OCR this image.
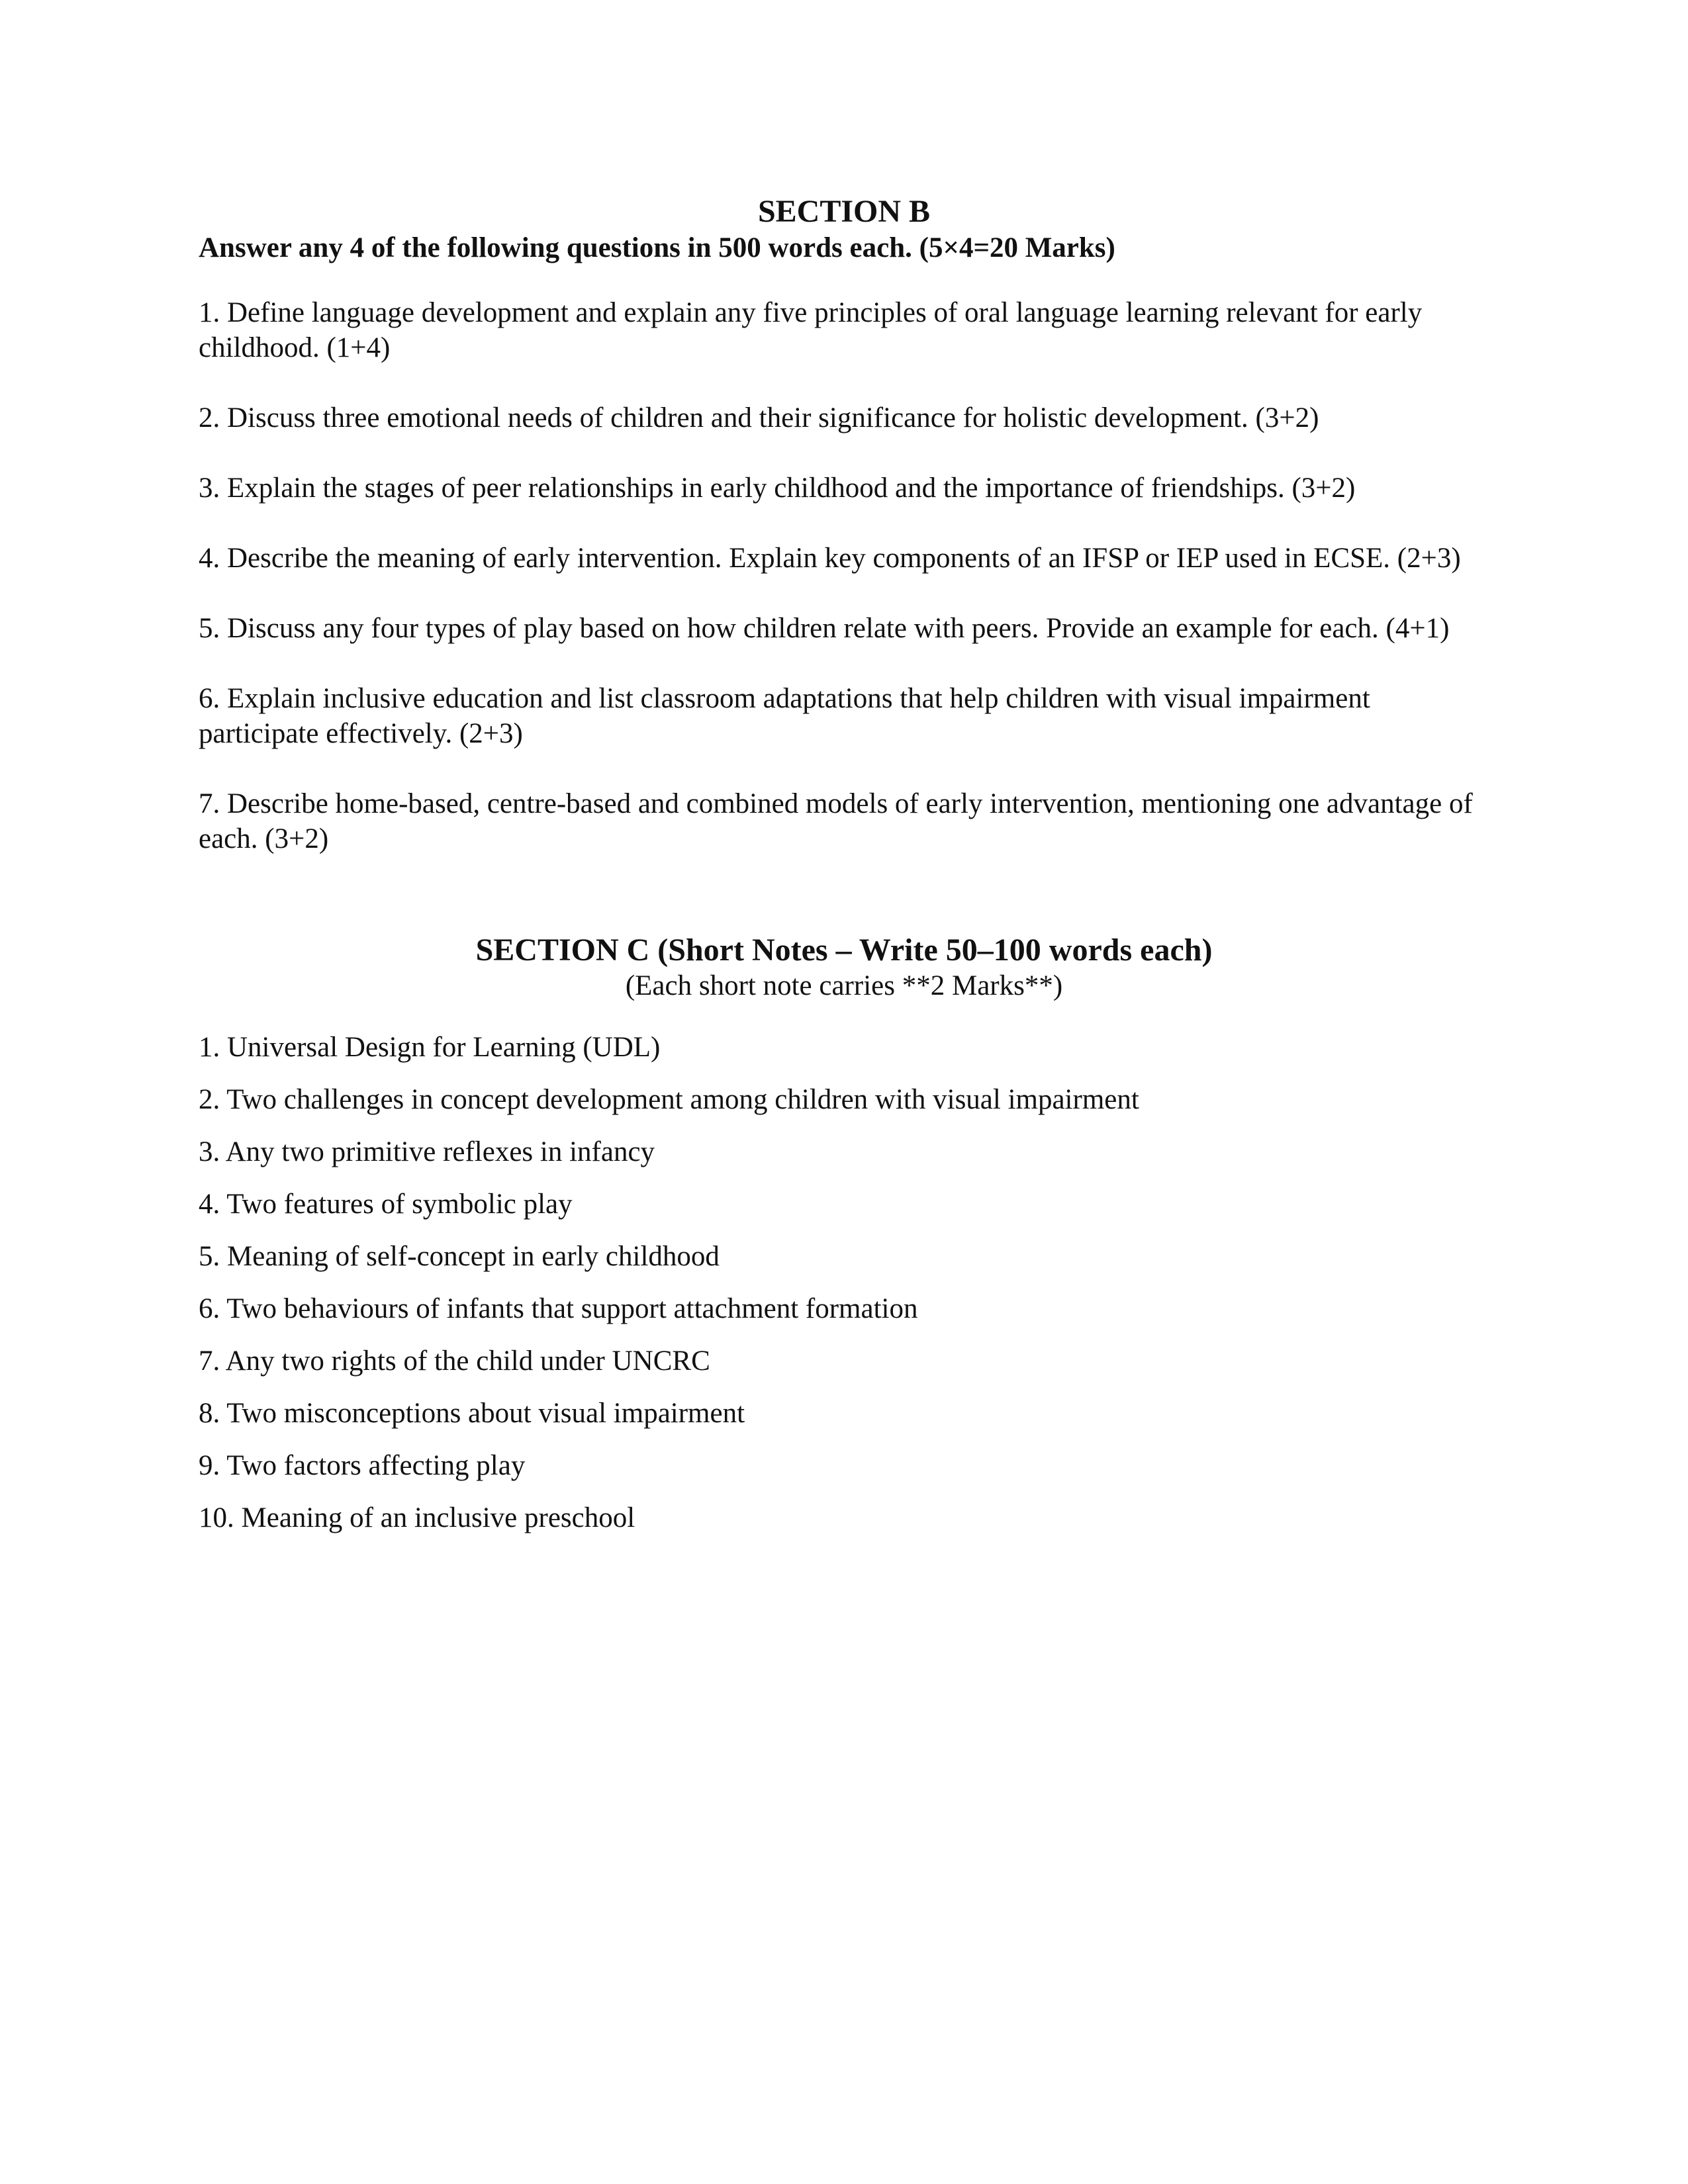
SECTION B

Answer any 4 of the following questions in 500 words each. (5×4=20 Marks)

1. Define language development and explain any five principles of oral language learning relevant for early childhood. (1+4)

2. Discuss three emotional needs of children and their significance for holistic development. (3+2)

3. Explain the stages of peer relationships in early childhood and the importance of friendships. (3+2)

4. Describe the meaning of early intervention. Explain key components of an IFSP or IEP used in ECSE. (2+3)

5. Discuss any four types of play based on how children relate with peers. Provide an example for each. (4+1)

6. Explain inclusive education and list classroom adaptations that help children with visual impairment participate effectively. (2+3)

7. Describe home-based, centre-based and combined models of early intervention, mentioning one advantage of each. (3+2)

SECTION C (Short Notes – Write 50–100 words each)

(Each short note carries **2 Marks**)

1. Universal Design for Learning (UDL)

2. Two challenges in concept development among children with visual impairment

3. Any two primitive reflexes in infancy

4. Two features of symbolic play

5. Meaning of self-concept in early childhood

6. Two behaviours of infants that support attachment formation

7. Any two rights of the child under UNCRC

8. Two misconceptions about visual impairment

9. Two factors affecting play

10. Meaning of an inclusive preschool
